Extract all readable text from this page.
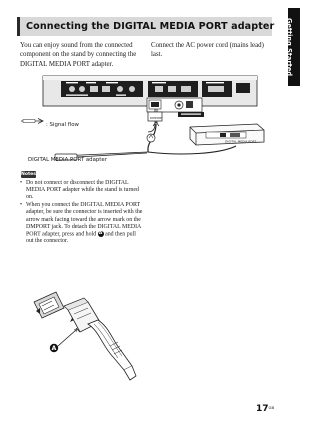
Getting Started
Connecting the DIGITAL MEDIA PORT adapter
You can enjoy sound from the connected component on the stand by connecting the DIGITAL MEDIA PORT adapter.
Connect the AC power cord (mains lead) last.
DMPORT
DIGITAL MEDIA PORT
: Signal flow
DIGITAL MEDIA PORT adapter
Notes
• Do not connect or disconnect the DIGITAL MEDIA PORT adapter while the stand is turned on.
• When you connect the DIGITAL MEDIA PORT adapter, be sure the connector is inserted with the arrow mark facing toward the arrow mark on the DMPORT jack. To detach the DIGITAL MEDIA PORT adapter, press and hold A and then pull out the connector.
A
$17^{GB}$
